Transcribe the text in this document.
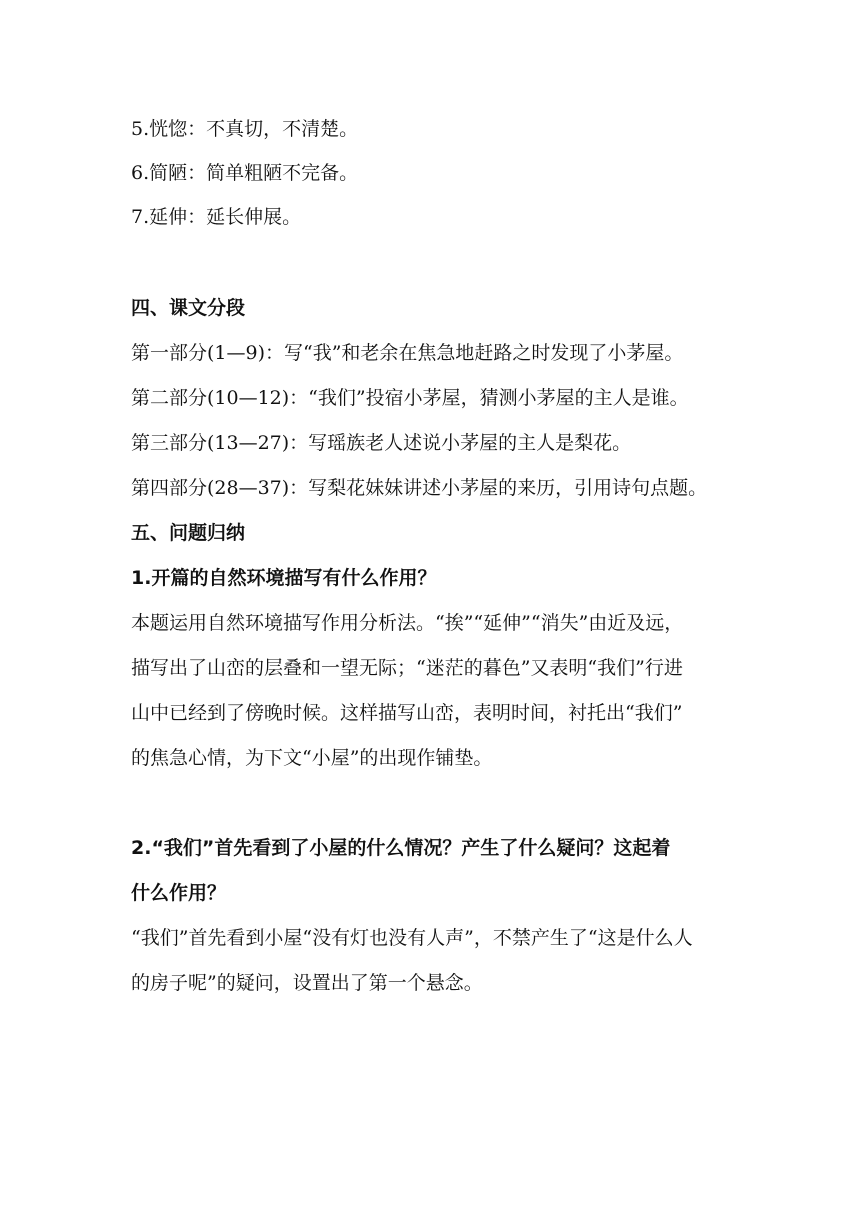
5.恍惚：不真切，不清楚。
6.简陋：简单粗陋不完备。
7.延伸：延长伸展。
四、课文分段
第一部分(1—9)：写“我”和老余在焦急地赶路之时发现了小茅屋。
第二部分(10—12)：“我们”投宿小茅屋，猜测小茅屋的主人是谁。
第三部分(13—27)：写瑶族老人述说小茅屋的主人是梨花。
第四部分(28—37)：写梨花妹妹讲述小茅屋的来历，引用诗句点题。
五、问题归纳
1.开篇的自然环境描写有什么作用？
本题运用自然环境描写作用分析法。“挨”“延伸”“消失”由近及远，
描写出了山峦的层叠和一望无际；“迷茫的暮色”又表明“我们”行进
山中已经到了傍晚时候。这样描写山峦，表明时间，衬托出“我们”
的焦急心情，为下文“小屋”的出现作铺垫。
2.“我们”首先看到了小屋的什么情况？产生了什么疑问？这起着
什么作用？
“我们”首先看到小屋“没有灯也没有人声”，不禁产生了“这是什么人
的房子呢”的疑问，设置出了第一个悬念。
